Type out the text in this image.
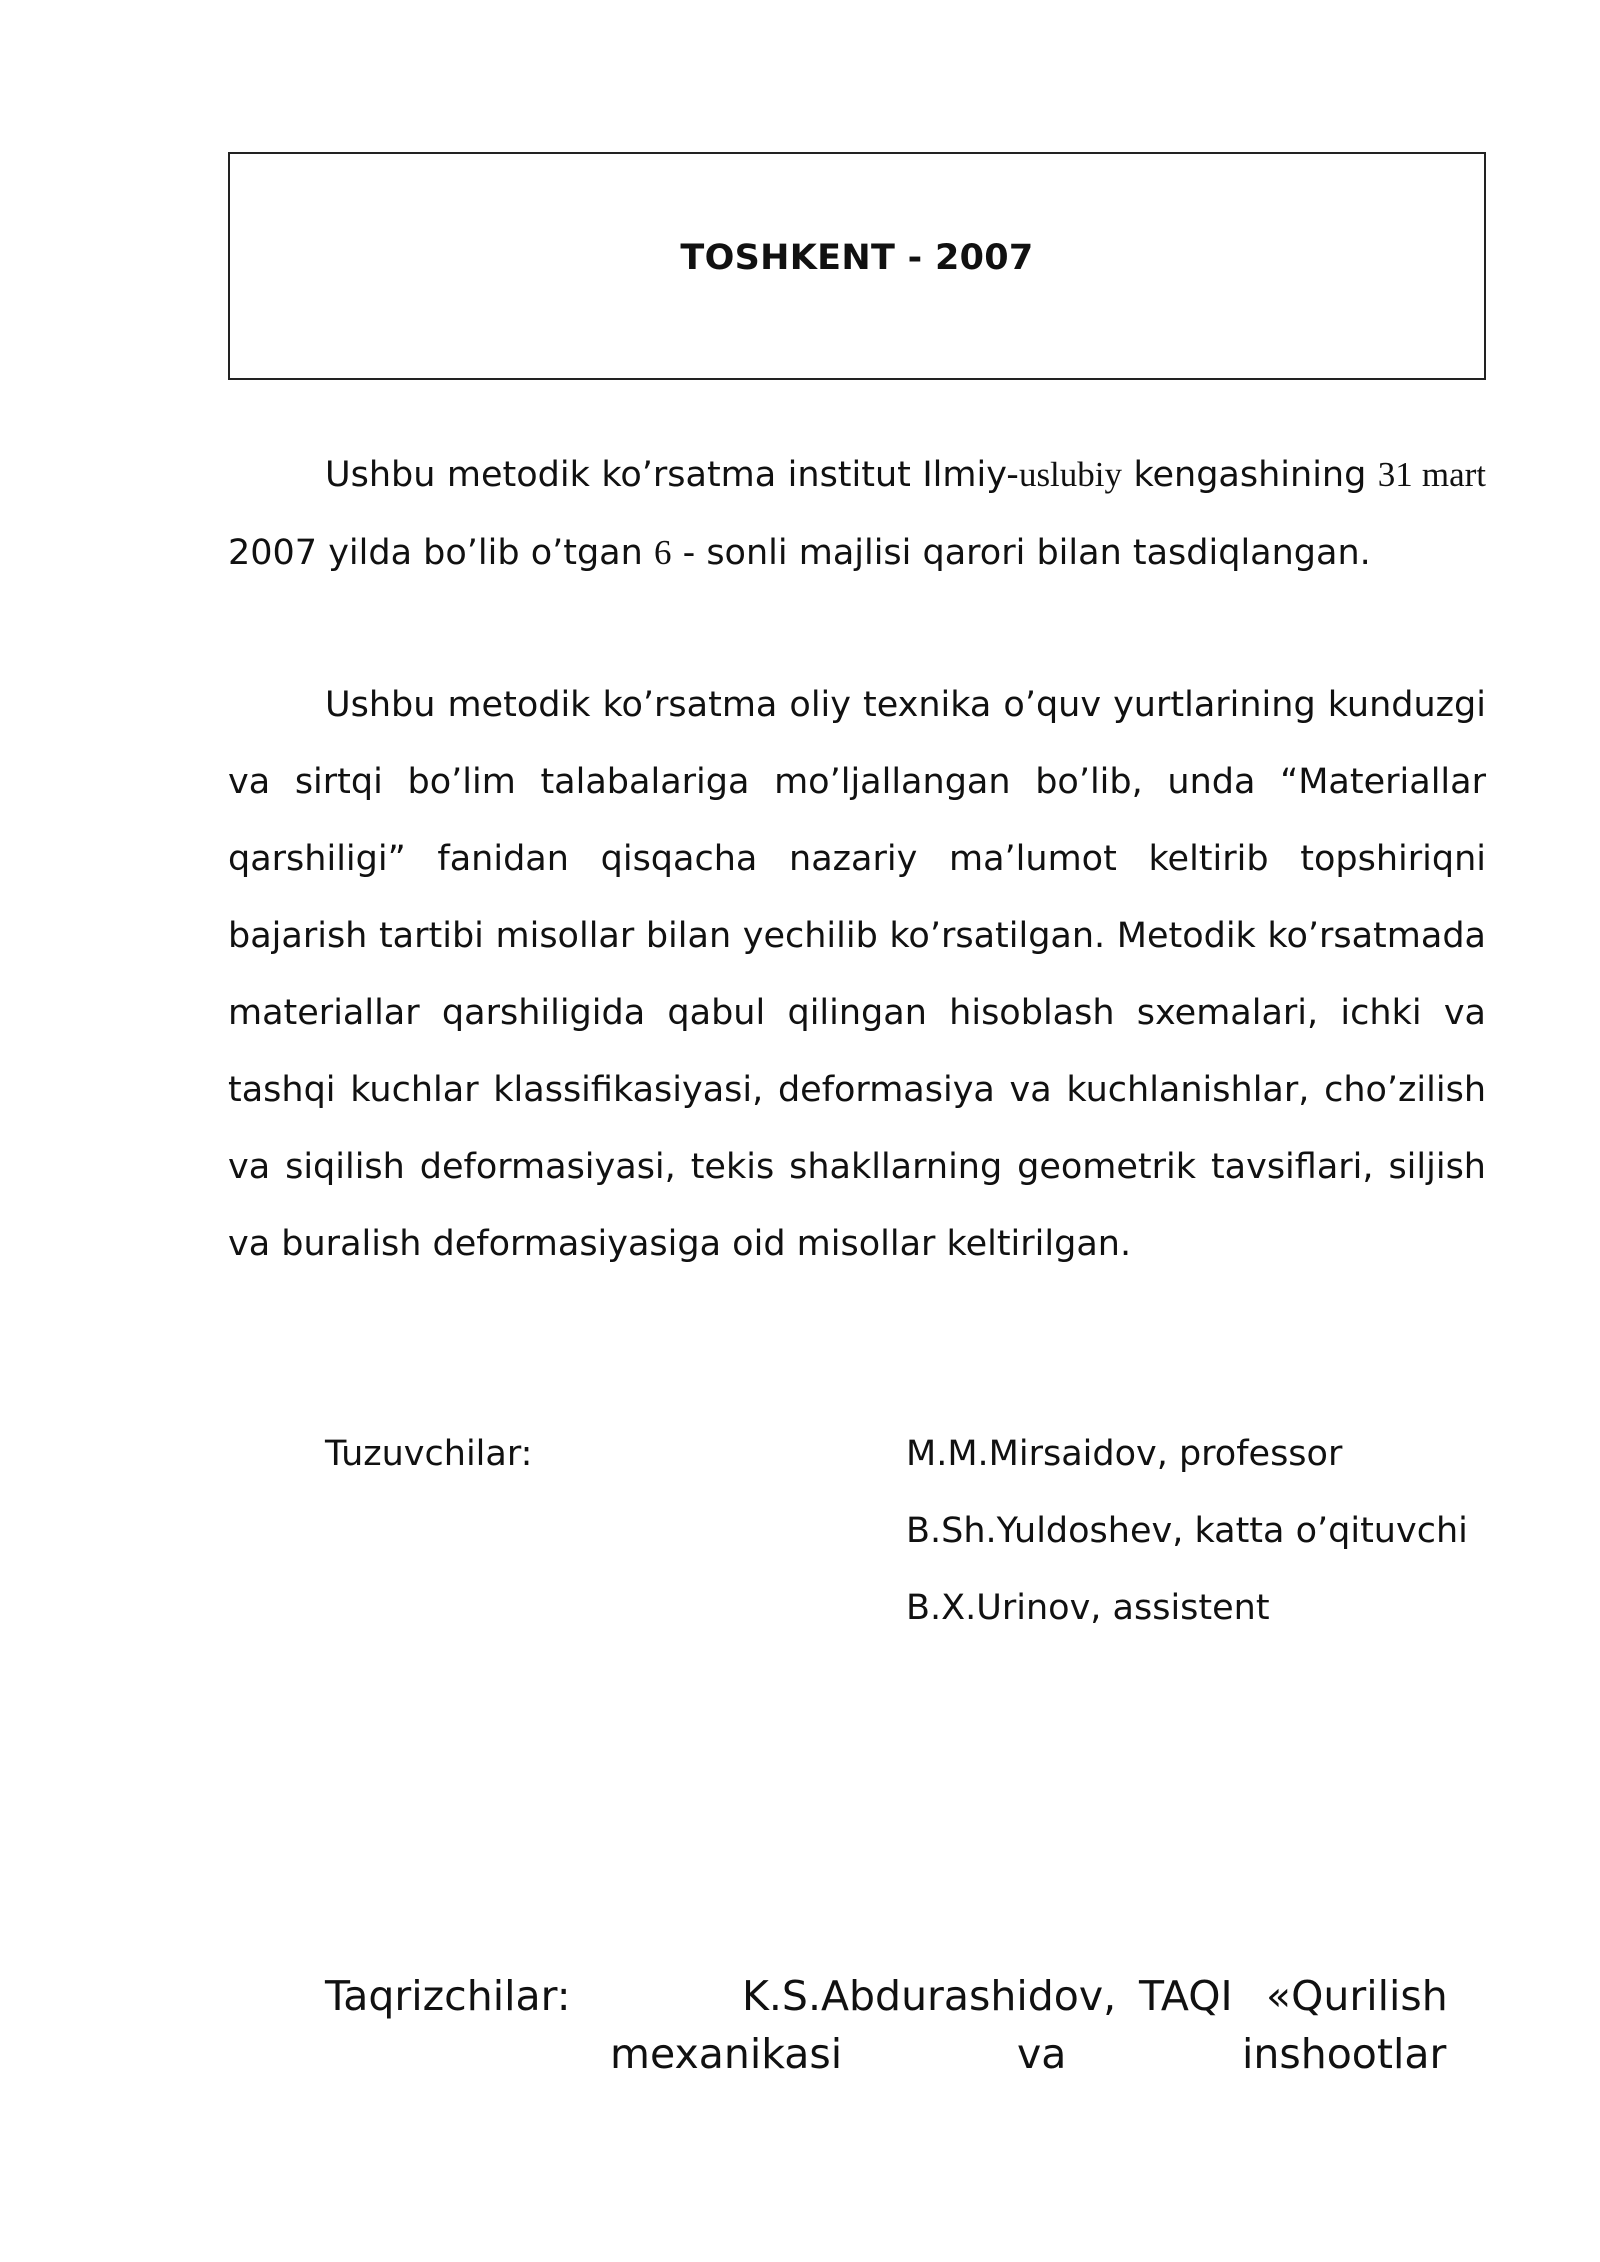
TOSHKENT - 2007

Ushbu metodik ko’rsatma institut Ilmiy-uslubiy kengashining 31 mart 2007 yilda bo’lib o’tgan 6 - sonli majlisi qarori bilan tasdiqlangan.

Ushbu metodik ko’rsatma oliy texnika o’quv yurtlarining kunduzgi va sirtqi bo’lim talabalariga mo’ljallangan bo’lib, unda “Materiallar qarshiligi” fanidan qisqacha nazariy ma’lumot keltirib topshiriqni bajarish tartibi misollar bilan yechilib ko’rsatilgan. Metodik ko’rsatmada materiallar qarshiligida qabul qilingan hisoblash sxemalari, ichki va tashqi kuchlar klassifikasiyasi, deformasiya va kuchlanishlar, cho’zilish va siqilish deformasiyasi, tekis shakllarning geometrik tavsiflari, siljish va buralish deformasiyasiga oid misollar keltirilgan.

Tuzuvchilar:	M.M.Mirsaidov, professor
B.Sh.Yuldoshev, katta o’qituvchi
B.X.Urinov, assistent
Taqrizchilar:	K.S.Abdurashidov, TAQI «Qurilish
mexanikasi	va	inshootlar
